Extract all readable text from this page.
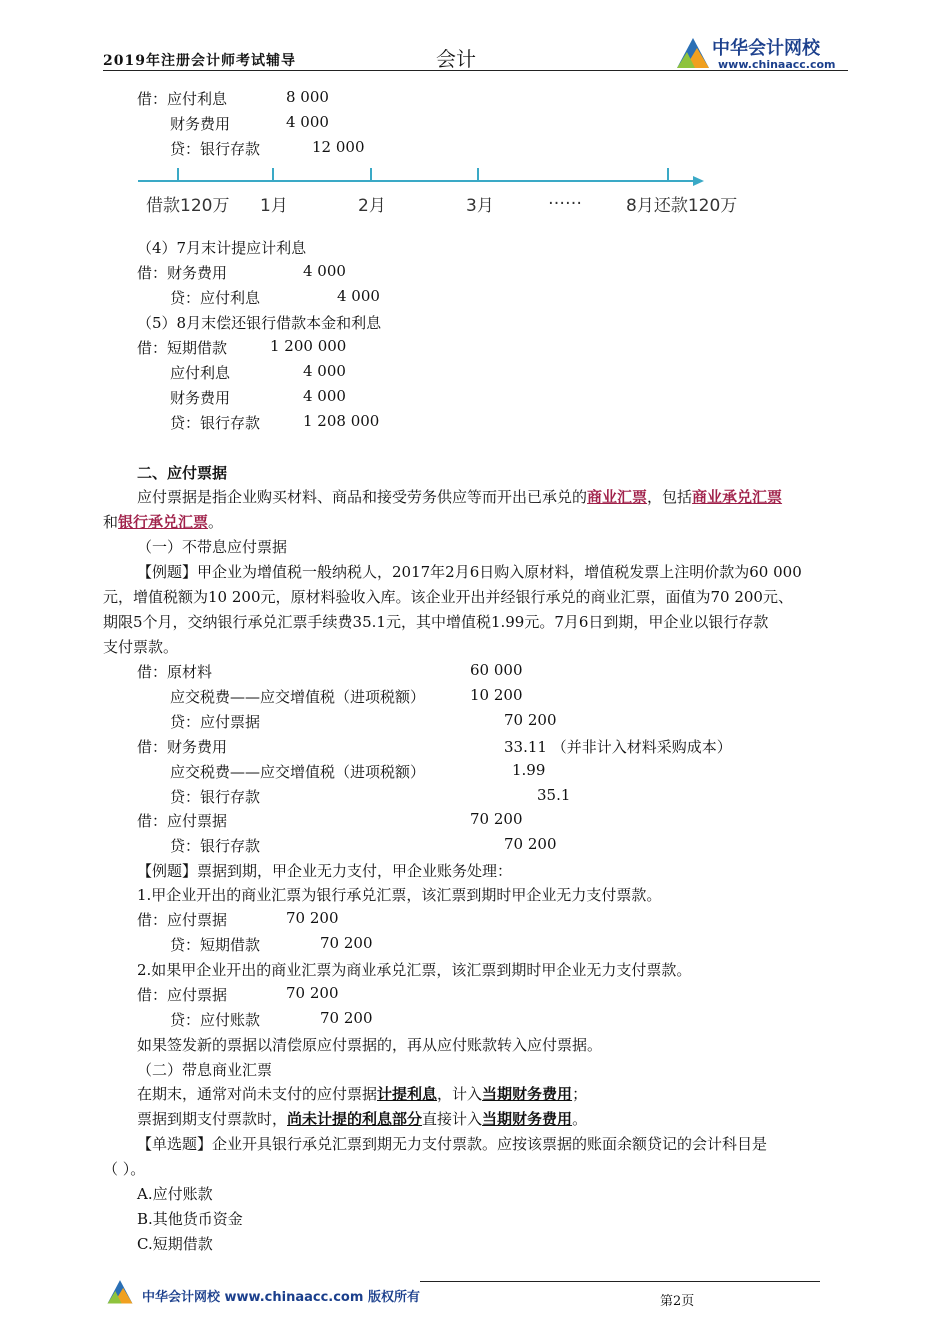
2019年注册会计师考试辅导	会计	中华会计网校
www.chinaacc.com
借：应付利息	8 000
财务费用	4 000
贷：银行存款	12 000
借款120万 1月	2月	3月	……	8月还款120万
（4）7月末计提应计利息
借：财务费用	4 000
贷：应付利息	4 000
（5）8月末偿还银行借款本金和利息
借：短期借款	1 200 000
应付利息	4 000
财务费用	4 000
贷：银行存款	1 208 000
二、应付票据
应付票据是指企业购买材料、商品和接受劳务供应等而开出已承兑的商业汇票，包括商业承兑汇票
和银行承兑汇票。
（一）不带息应付票据
【例题】甲企业为增值税一般纳税人，2017年2月6日购入原材料，增值税发票上注明价款为60 000
元，增值税额为10 200元，原材料验收入库。该企业开出并经银行承兑的商业汇票，面值为70 200元、
期限5个月，交纳银行承兑汇票手续费35.1元，其中增值税1.99元。7月6日到期，甲企业以银行存款
支付票款。
借：原材料	60 000
应交税费——应交增值税（进项税额）	10 200
贷：应付票据	70 200
借：财务费用	33.11 （并非计入材料采购成本）
应交税费——应交增值税（进项税额）	1.99
贷：银行存款	35.1
借：应付票据	70 200
贷：银行存款	70 200
【例题】票据到期，甲企业无力支付，甲企业账务处理：
1.甲企业开出的商业汇票为银行承兑汇票，该汇票到期时甲企业无力支付票款。
借：应付票据	70 200
贷：短期借款	70 200
2.如果甲企业开出的商业汇票为商业承兑汇票，该汇票到期时甲企业无力支付票款。
借：应付票据	70 200
贷：应付账款	70 200
如果签发新的票据以清偿原应付票据的，再从应付账款转入应付票据。
（二）带息商业汇票
在期末，通常对尚未支付的应付票据计提利息，计入当期财务费用；
票据到期支付票款时，尚未计提的利息部分直接计入当期财务费用。
【单选题】企业开具银行承兑汇票到期无力支付票款。应按该票据的账面余额贷记的会计科目是
（ ）。
A.应付账款
B.其他货币资金
C.短期借款
中华会计网校 www.chinaacc.com 版权所有	第2页
